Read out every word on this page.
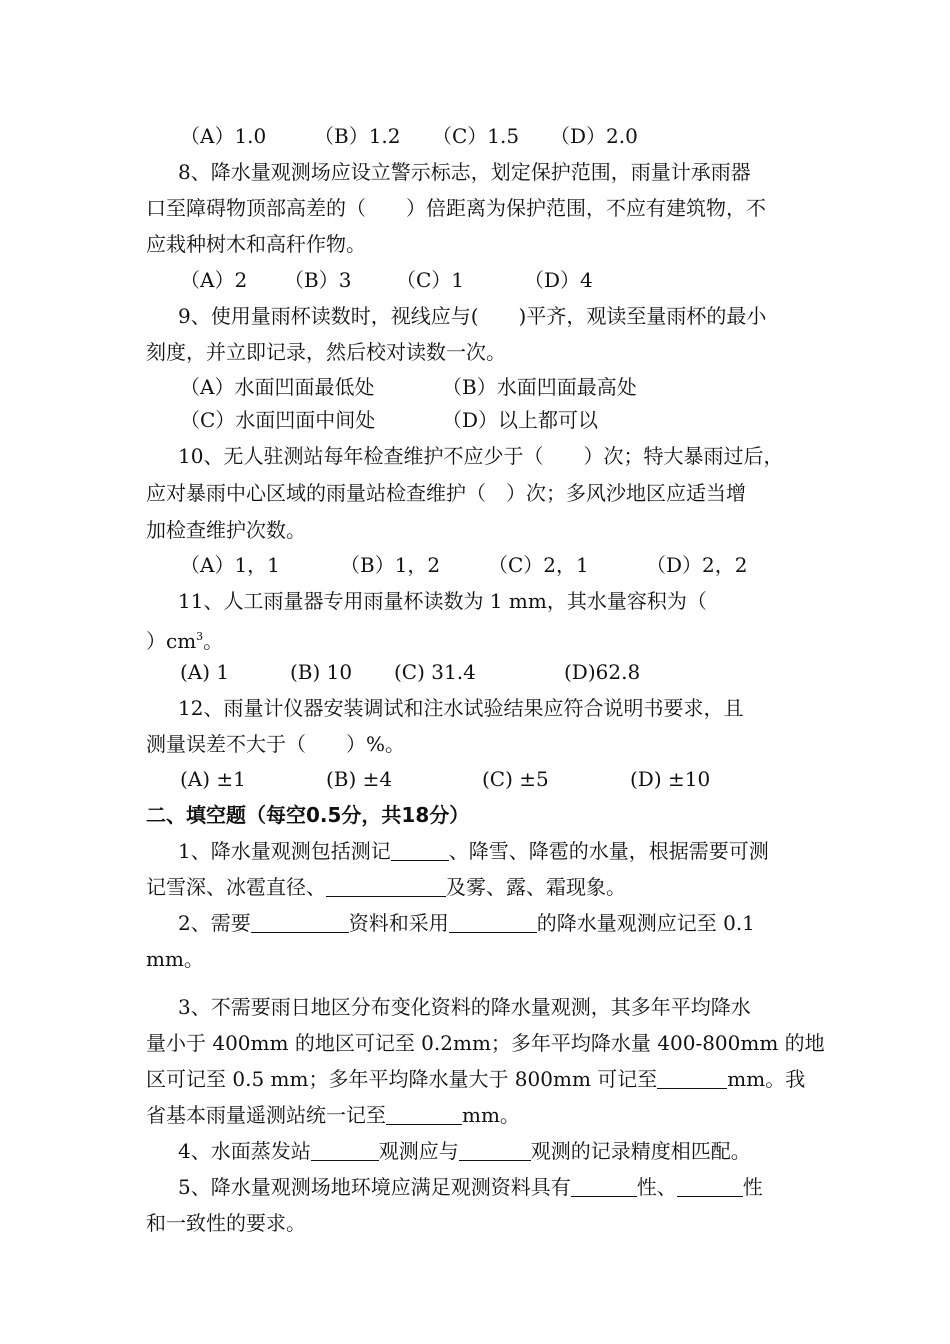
（A）1.0 （B）1.2 （C）1.5 （D）2.0
8、降水量观测场应设立警示标志，划定保护范围，雨量计承雨器
口至障碍物顶部高差的（　　）倍距离为保护范围，不应有建筑物，不
应栽种树木和高秆作物。
（A）2 （B）3 （C）1	（D）4
9、使用量雨杯读数时，视线应与(　　)平齐，观读至量雨杯的最小
刻度，并立即记录，然后校对读数一次。
（A）水面凹面最低处	（B）水面凹面最高处
（C）水面凹面中间处	（D）以上都可以
10、无人驻测站每年检查维护不应少于（　　）次；特大暴雨过后，
应对暴雨中心区域的雨量站检查维护（　）次；多风沙地区应适当增
加检查维护次数。
（A）1，1	（B）1，2 （C）2，1	（D）2，2
11、人工雨量器专用雨量杯读数为 1 mm，其水量容积为（
）$cm^3$。
(A) 1	(B) 10 (C) 31.4	(D)62.8
12、雨量计仪器安装调试和注水试验结果应符合说明书要求，且
测量误差不大于（　　）%。
(A) ±1	(B) ±4	(C) ±5	(D) ±10
二、填空题（每空0.5分，共18分）
1、降水量观测包括测记	、降雪、降雹的水量，根据需要可测
记雪深、冰雹直径、	及雾、露、霜现象。
2、需要	资料和采用	的降水量观测应记至 0.1
mm。
3、不需要雨日地区分布变化资料的降水量观测，其多年平均降水
量小于 400mm 的地区可记至 0.2mm；多年平均降水量 400-800mm 的地
区可记至 0.5 mm；多年平均降水量大于 800mm 可记至	mm。我
省基本雨量遥测站统一记至	mm。
4、水面蒸发站	观测应与	观测的记录精度相匹配。
5、降水量观测场地环境应满足观测资料具有	性、	性
和一致性的要求。
